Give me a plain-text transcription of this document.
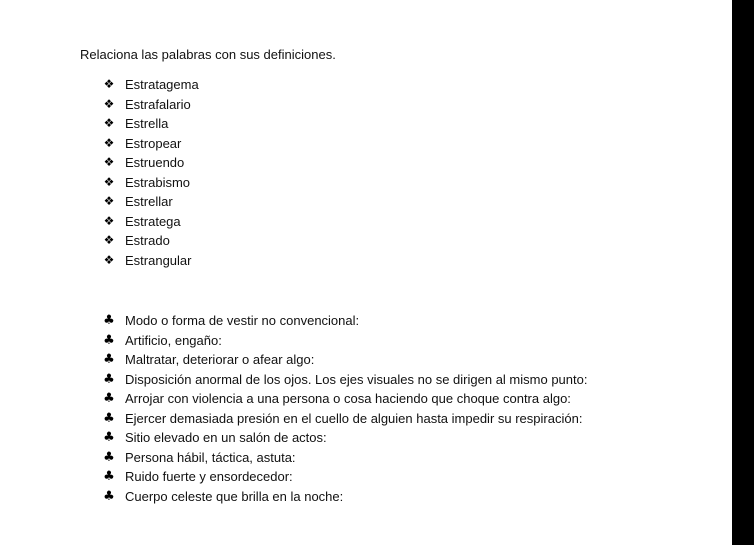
Relaciona las palabras con sus definiciones.
❖ Estratagema
❖ Estrafalario
❖ Estrella
❖ Estropear
❖ Estruendo
❖ Estrabismo
❖ Estrellar
❖ Estratega
❖ Estrado
❖ Estrangular
♣ Modo o forma de vestir no convencional:
♣ Artificio, engaño:
♣ Maltratar, deteriorar o afear algo:
♣ Disposición anormal de los ojos. Los ejes visuales no se dirigen al mismo punto:
♣ Arrojar con violencia a una persona o cosa haciendo que choque contra algo:
♣ Ejercer demasiada presión en el cuello de alguien hasta impedir su respiración:
♣ Sitio elevado en un salón de actos:
♣ Persona hábil, táctica, astuta:
♣ Ruido fuerte y ensordecedor:
♣ Cuerpo celeste que brilla en la noche:
